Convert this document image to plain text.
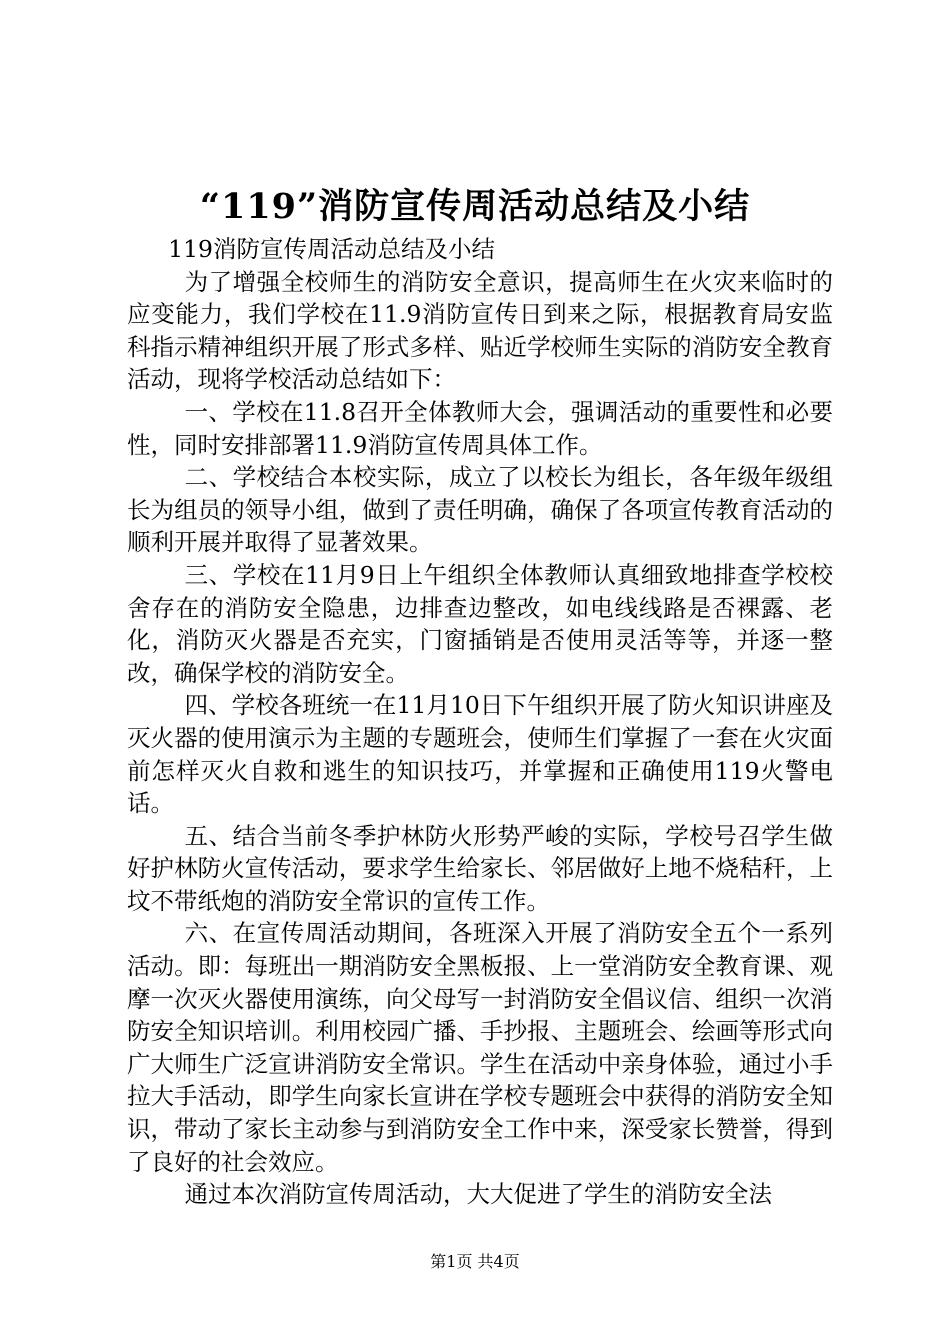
“119”消防宣传周活动总结及小结

119消防宣传周活动总结及小结

为了增强全校师生的消防安全意识，提高师生在火灾来临时的应变能力，我们学校在11.9消防宣传日到来之际，根据教育局安监科指示精神组织开展了形式多样、贴近学校师生实际的消防安全教育活动，现将学校活动总结如下：

一、学校在11.8召开全体教师大会，强调活动的重要性和必要性，同时安排部署11.9消防宣传周具体工作。

二、学校结合本校实际，成立了以校长为组长，各年级年级组长为组员的领导小组，做到了责任明确，确保了各项宣传教育活动的顺利开展并取得了显著效果。

三、学校在11月9日上午组织全体教师认真细致地排查学校校舍存在的消防安全隐患，边排查边整改，如电线线路是否裸露、老化，消防灭火器是否充实，门窗插销是否使用灵活等等，并逐一整改，确保学校的消防安全。

四、学校各班统一在11月10日下午组织开展了防火知识讲座及灭火器的使用演示为主题的专题班会，使师生们掌握了一套在火灾面前怎样灭火自救和逃生的知识技巧，并掌握和正确使用119火警电话。

五、结合当前冬季护林防火形势严峻的实际，学校号召学生做好护林防火宣传活动，要求学生给家长、邻居做好上地不烧秸秆，上坟不带纸炮的消防安全常识的宣传工作。

六、在宣传周活动期间，各班深入开展了消防安全五个一系列活动。即：每班出一期消防安全黑板报、上一堂消防安全教育课、观摩一次灭火器使用演练，向父母写一封消防安全倡议信、组织一次消防安全知识培训。利用校园广播、手抄报、主题班会、绘画等形式向广大师生广泛宣讲消防安全常识。学生在活动中亲身体验，通过小手拉大手活动，即学生向家长宣讲在学校专题班会中获得的消防安全知识，带动了家长主动参与到消防安全工作中来，深受家长赞誉，得到了良好的社会效应。

通过本次消防宣传周活动，大大促进了学生的消防安全法

第1页 共4页
